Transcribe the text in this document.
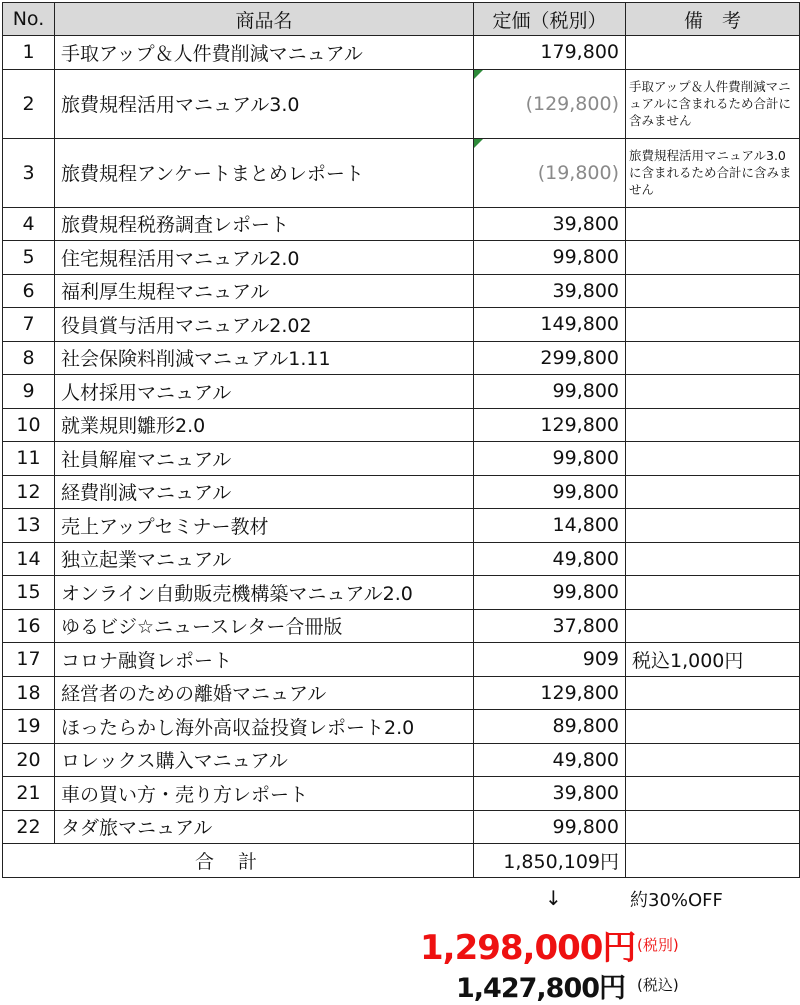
No.	商品名	定価（税別）	備　考
1	手取アップ＆人件費削減マニュアル	179,800	
2	旅費規程活用マニュアル3.0	(129,800)	手取アップ＆人件費削減マニュアルに含まれるため合計に含みません
3	旅費規程アンケートまとめレポート	(19,800)	旅費規程活用マニュアル3.0に含まれるため合計に含みません
4	旅費規程税務調査レポート	39,800	
5	住宅規程活用マニュアル2.0	99,800	
6	福利厚生規程マニュアル	39,800	
7	役員賞与活用マニュアル2.02	149,800	
8	社会保険料削減マニュアル1.11	299,800	
9	人材採用マニュアル	99,800	
10	就業規則雛形2.0	129,800	
11	社員解雇マニュアル	99,800	
12	経費削減マニュアル	99,800	
13	売上アップセミナー教材	14,800	
14	独立起業マニュアル	49,800	
15	オンライン自動販売機構築マニュアル2.0	99,800	
16	ゆるビジ☆ニュースレター合冊版	37,800	
17	コロナ融資レポート	909	税込1,000円
18	経営者のための離婚マニュアル	129,800	
19	ほったらかし海外高収益投資レポート2.0	89,800	
20	ロレックス購入マニュアル	49,800	
21	車の買い方・売り方レポート	39,800	
22	タダ旅マニュアル	99,800	
合計		1,850,109円	
↓	約30%OFF
1,298,000円 (税別)
1,427,800円 (税込)
